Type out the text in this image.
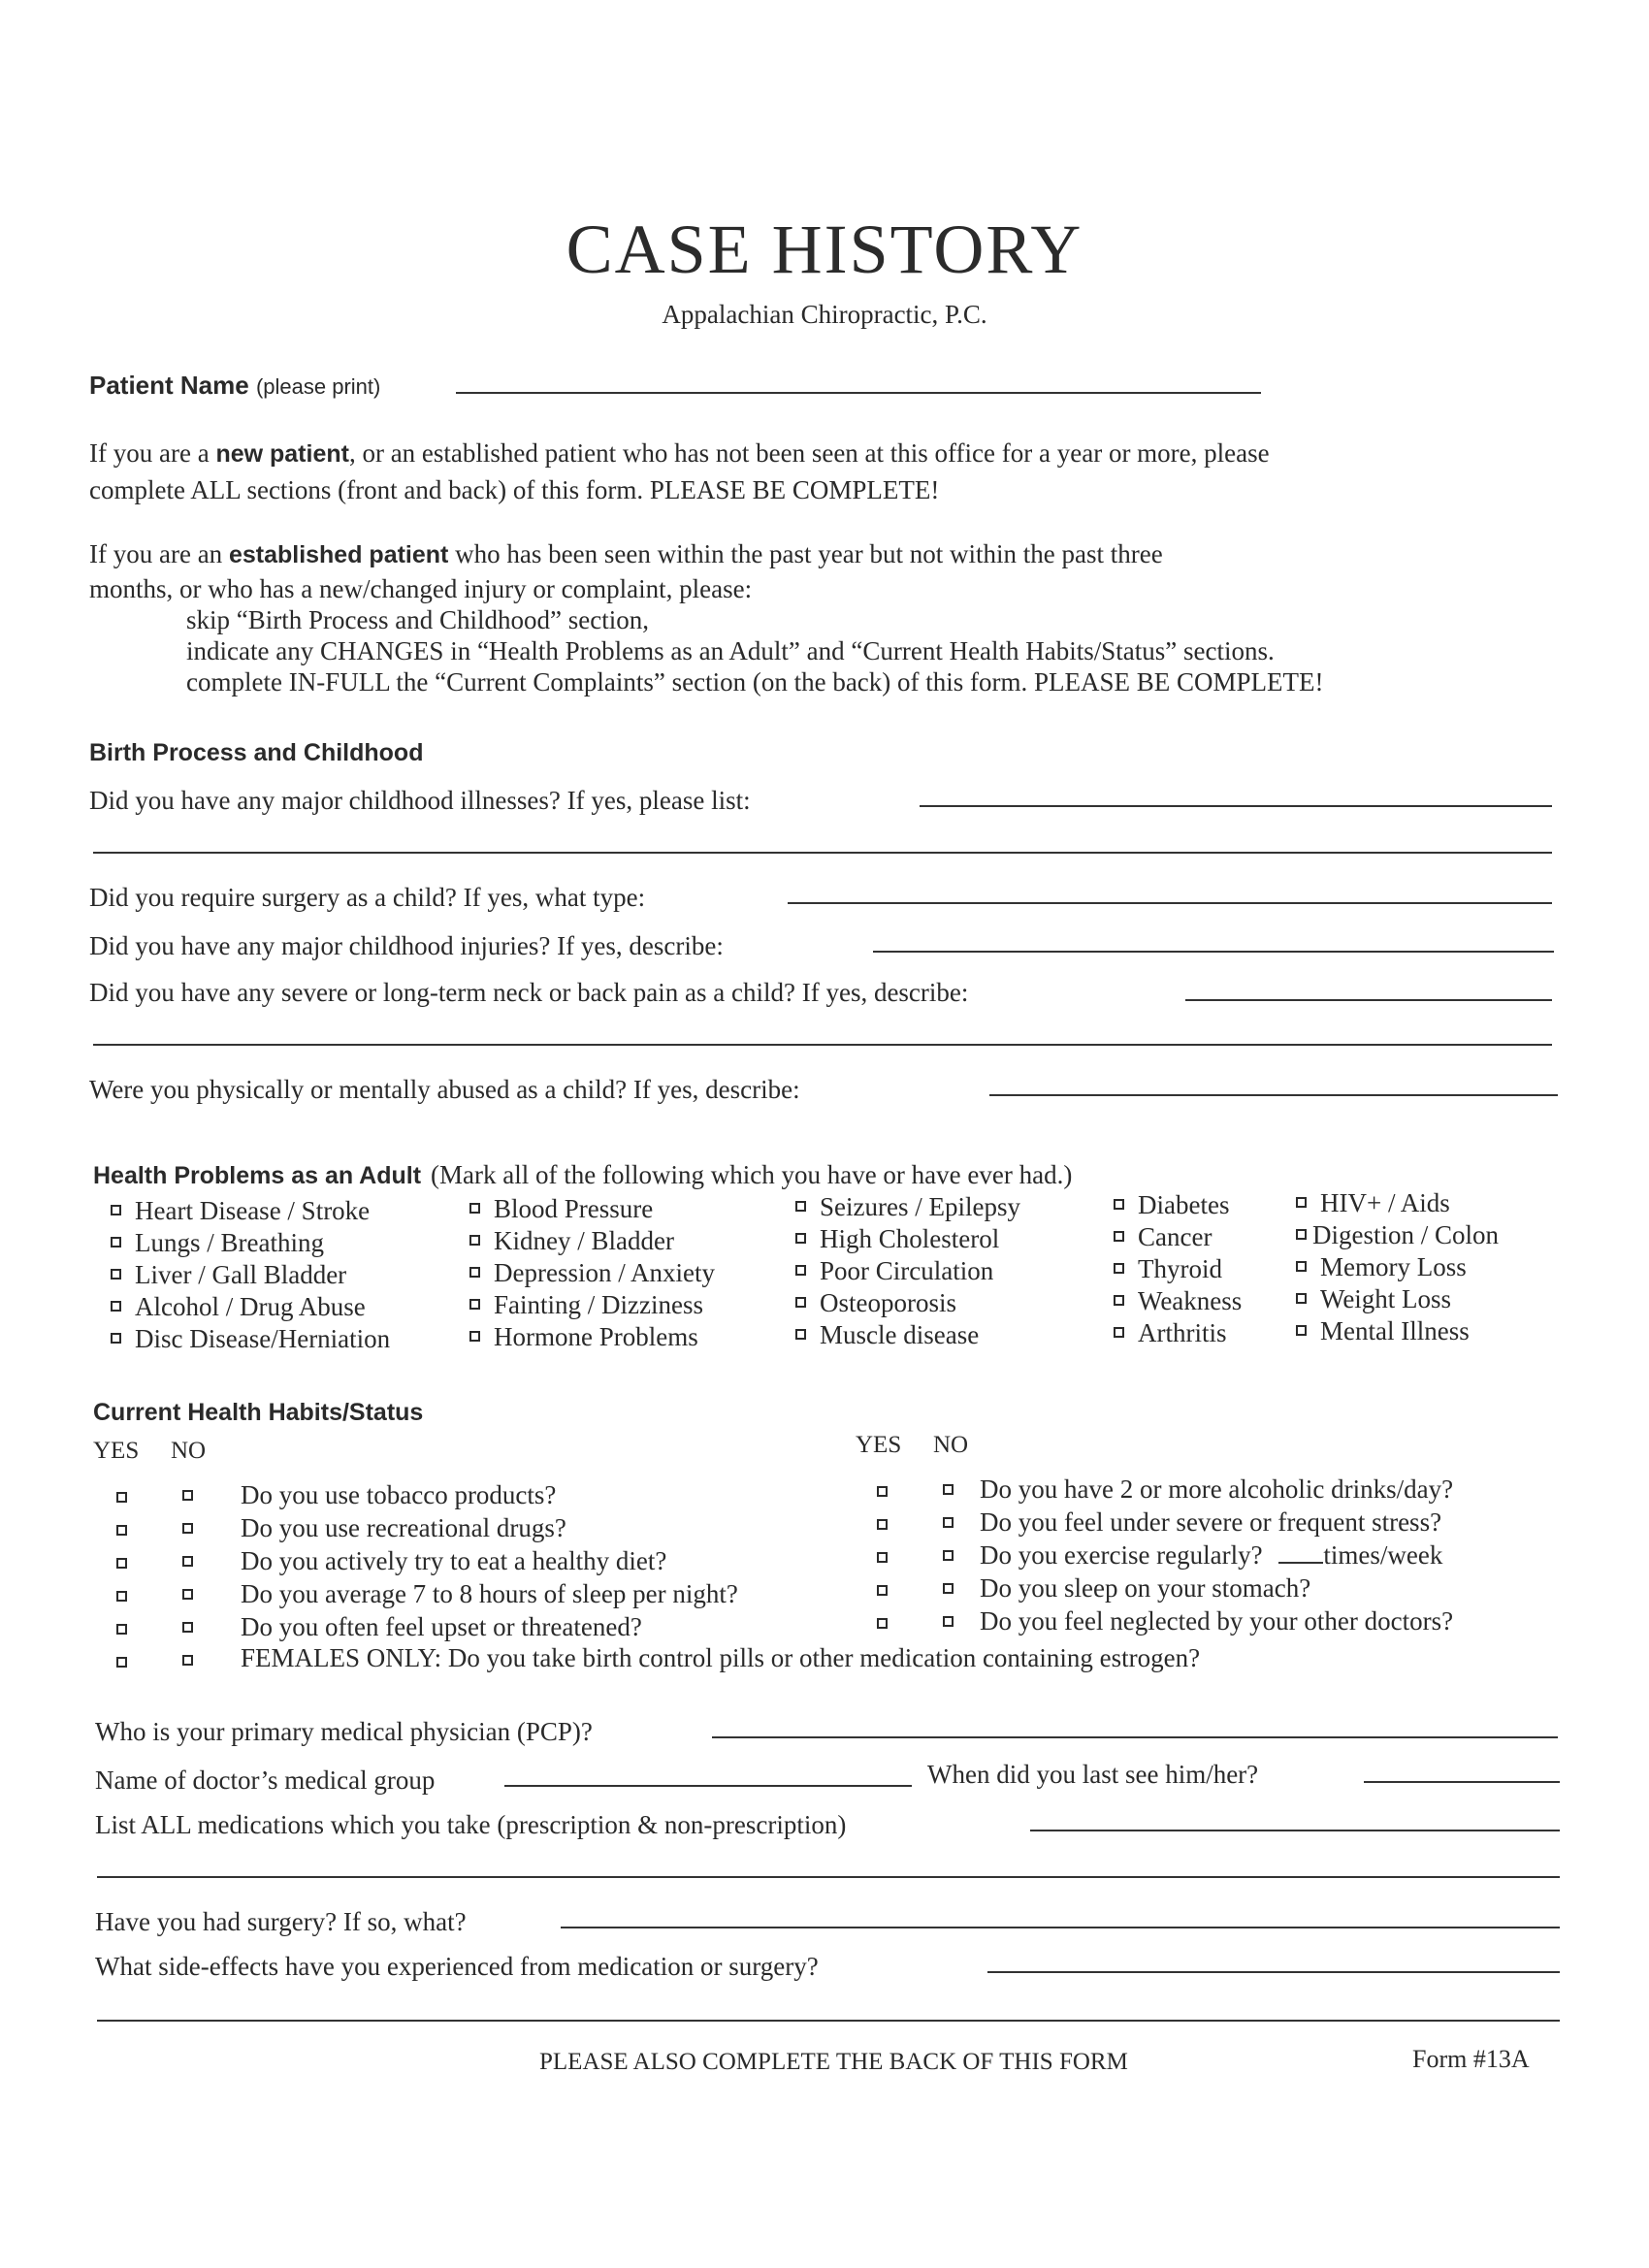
CASE HISTORY
Appalachian Chiropractic, P.C.
Patient Name (please print)
If you are a new patient, or an established patient who has not been seen at this office for a year or more, please
complete ALL sections (front and back) of this form. PLEASE BE COMPLETE!
If you are an established patient who has been seen within the past year but not within the past three
months, or who has a new/changed injury or complaint, please:
skip “Birth Process and Childhood” section,
indicate any CHANGES in “Health Problems as an Adult” and “Current Health Habits/Status” sections.
complete IN-FULL the “Current Complaints” section (on the back) of this form. PLEASE BE COMPLETE!
Birth Process and Childhood
Did you have any major childhood illnesses? If yes, please list:
Did you require surgery as a child? If yes, what type:
Did you have any major childhood injuries? If yes, describe:
Did you have any severe or long-term neck or back pain as a child? If yes, describe:
Were you physically or mentally abused as a child? If yes, describe:
Health Problems as an Adult (Mark all of the following which you have or have ever had.)
Heart Disease / Stroke
Lungs / Breathing
Liver / Gall Bladder
Alcohol / Drug Abuse
Disc Disease/Herniation
Blood Pressure
Kidney / Bladder
Depression / Anxiety
Fainting / Dizziness
Hormone Problems
Seizures / Epilepsy
High Cholesterol
Poor Circulation
Osteoporosis
Muscle disease
Diabetes
Cancer
Thyroid
Weakness
Arthritis
HIV+ / Aids
Digestion / Colon
Memory Loss
Weight Loss
Mental Illness
Current Health Habits/Status
YES NO	YES NO
Do you use tobacco products?
Do you use recreational drugs?
Do you actively try to eat a healthy diet?
Do you average 7 to 8 hours of sleep per night?
Do you often feel upset or threatened?
Do you have 2 or more alcoholic drinks/day?
Do you feel under severe or frequent stress?
Do you exercise regularly? times/week
Do you sleep on your stomach?
Do you feel neglected by your other doctors?
FEMALES ONLY: Do you take birth control pills or other medication containing estrogen?
Who is your primary medical physician (PCP)?
Name of doctor’s medical group	When did you last see him/her?
List ALL medications which you take (prescription & non-prescription)
Have you had surgery? If so, what?
What side-effects have you experienced from medication or surgery?
PLEASE ALSO COMPLETE THE BACK OF THIS FORM	Form #13A
